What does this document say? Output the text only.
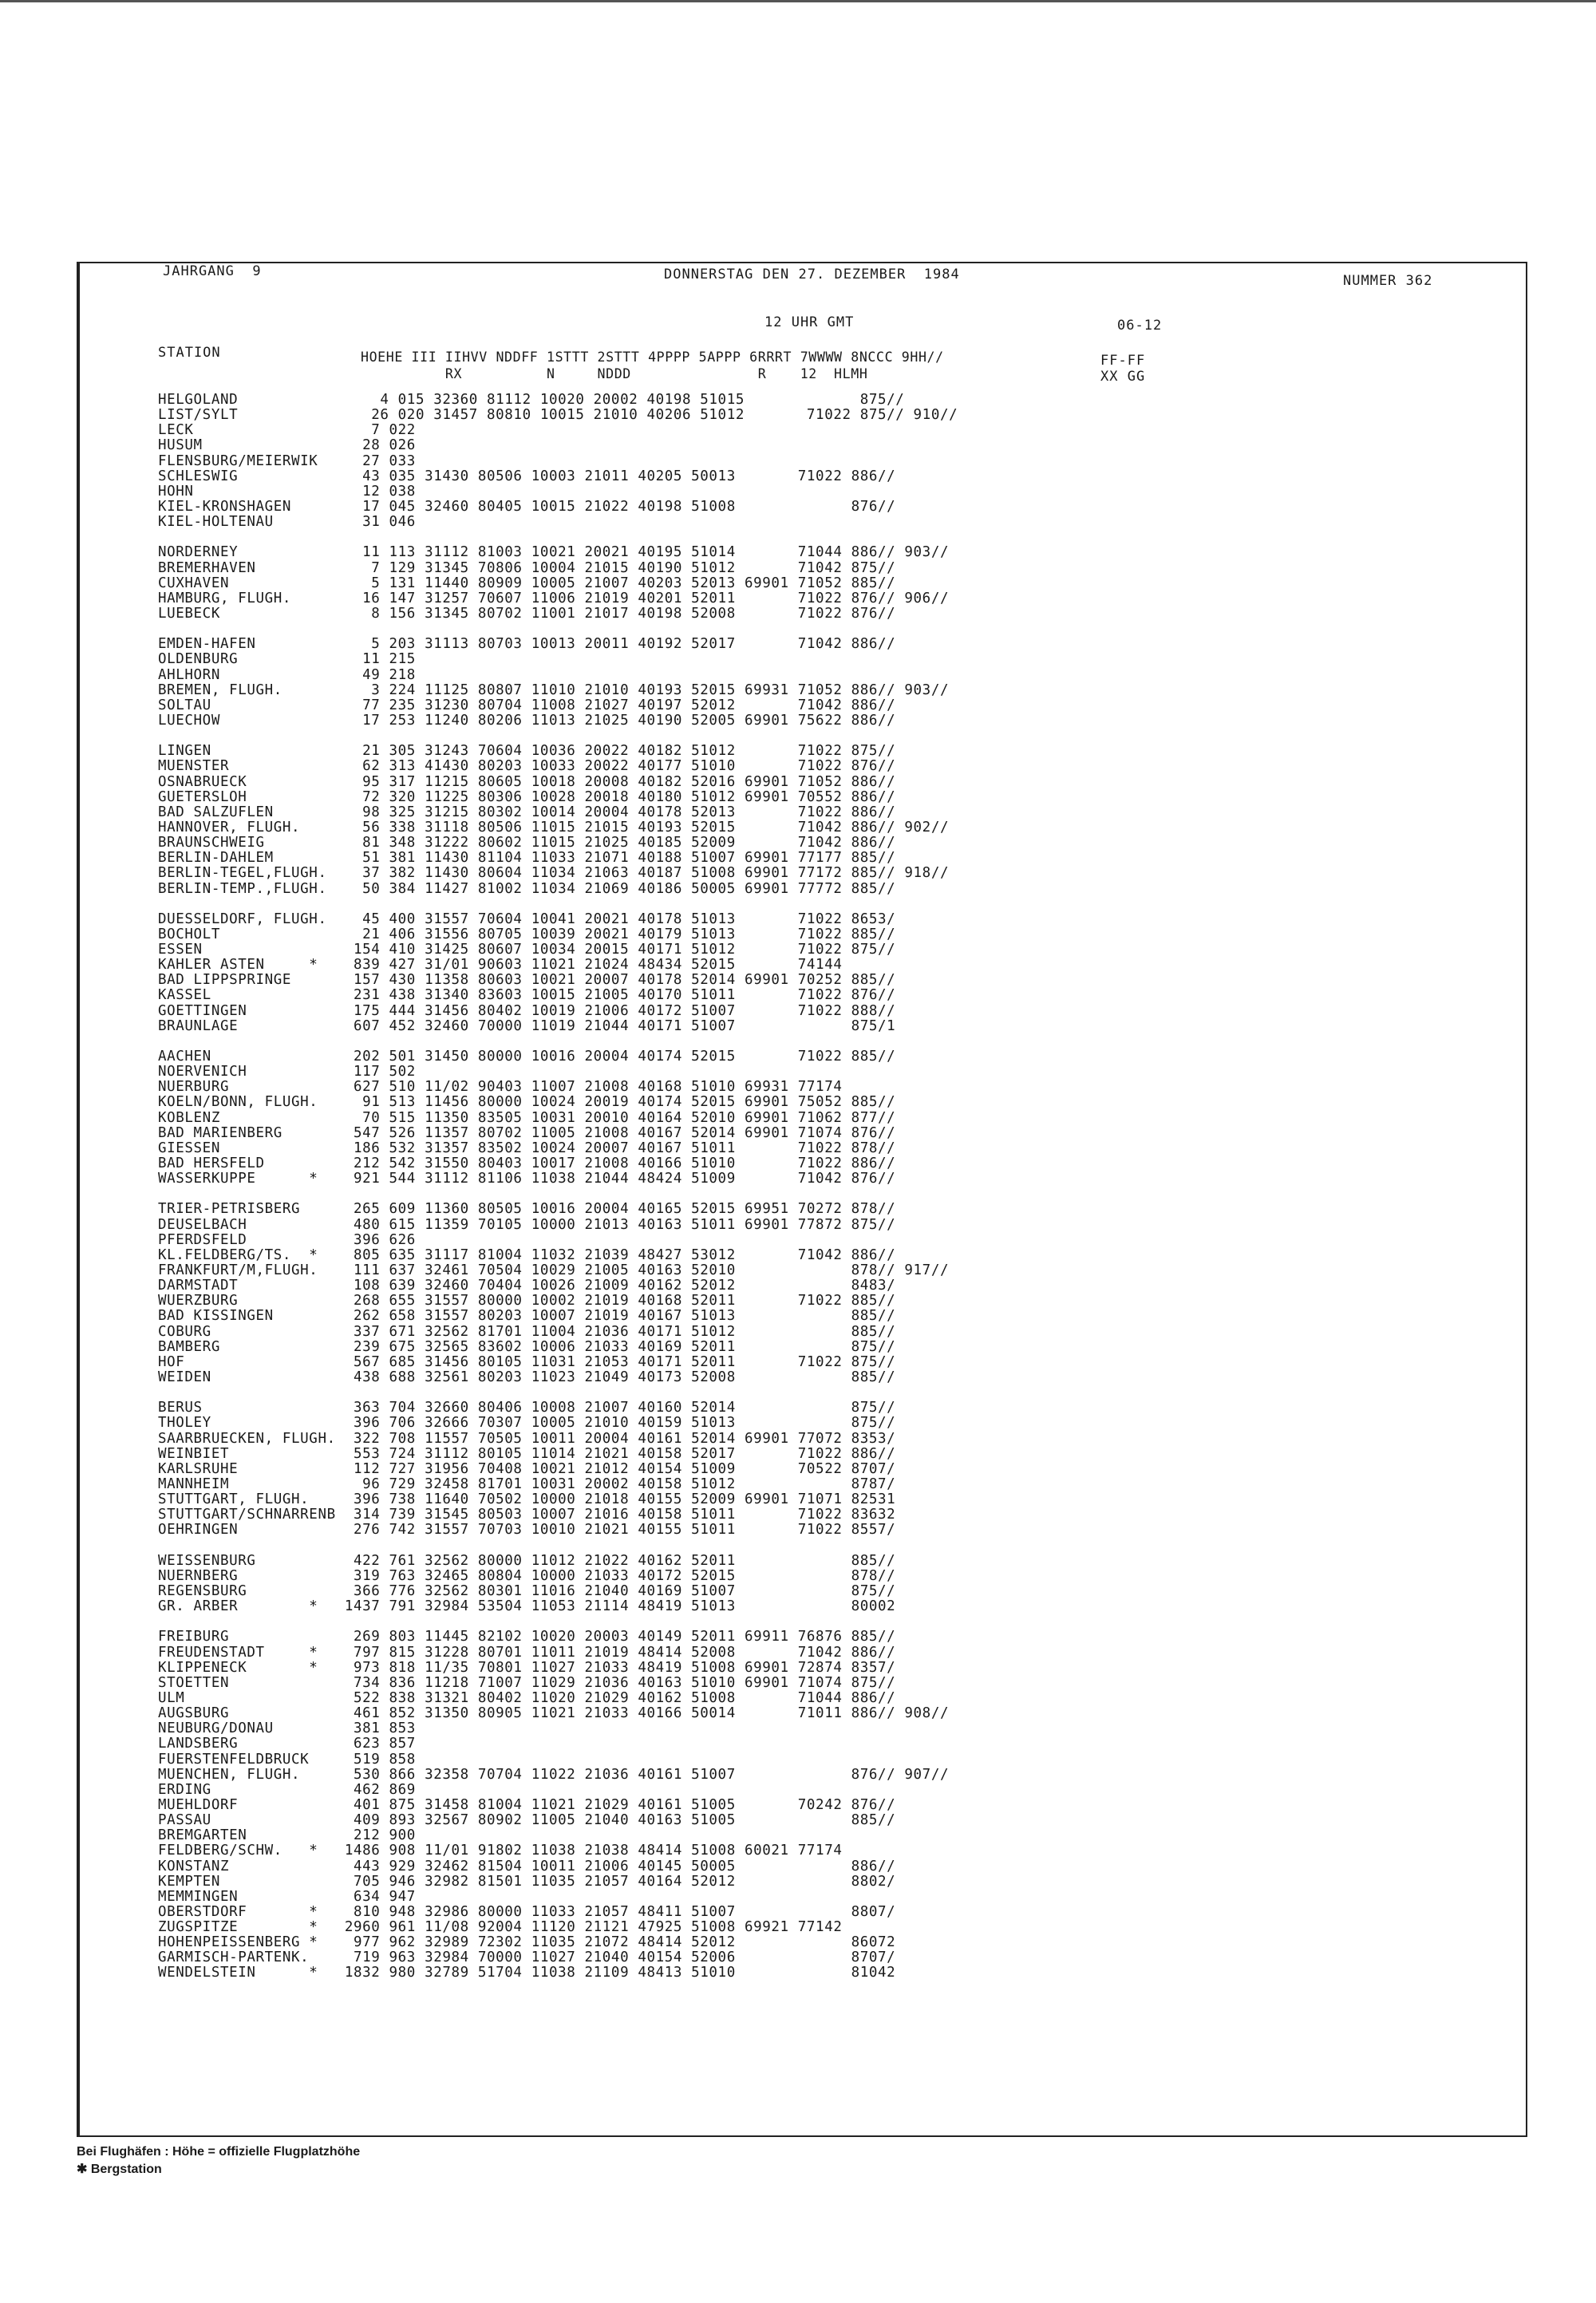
JAHRGANG  9	DONNERSTAG DEN 27. DEZEMBER  1984	NUMMER 362
12 UHR GMT	06-12
STATION	HOEHE III IIHVV NDDFF 1STTT 2STTT 4PPPP 5APPP 6RRRT 7WWWW 8NCCC 9HH//
RX          N     NDDD               R    12  HLMH
FF-FF
XX GG
HELGOLAND                4 015 32360 81112 10020 20002 40198 51015             875//
LIST/SYLT               26 020 31457 80810 10015 21010 40206 51012       71022 875// 910//
LECK                    7 022
HUSUM                  28 026
FLENSBURG/MEIERWIK     27 033
SCHLESWIG              43 035 31430 80506 10003 21011 40205 50013       71022 886//
HOHN                   12 038
KIEL-KRONSHAGEN        17 045 32460 80405 10015 21022 40198 51008             876//
KIEL-HOLTENAU          31 046
NORDERNEY              11 113 31112 81003 10021 20021 40195 51014       71044 886// 903//
BREMERHAVEN             7 129 31345 70806 10004 21015 40190 51012       71042 875//
CUXHAVEN                5 131 11440 80909 10005 21007 40203 52013 69901 71052 885//
HAMBURG, FLUGH.        16 147 31257 70607 11006 21019 40201 52011       71022 876// 906//
LUEBECK                 8 156 31345 80702 11001 21017 40198 52008       71022 876//
EMDEN-HAFEN             5 203 31113 80703 10013 20011 40192 52017       71042 886//
OLDENBURG              11 215
AHLHORN                49 218
BREMEN, FLUGH.          3 224 11125 80807 11010 21010 40193 52015 69931 71052 886// 903//
SOLTAU                 77 235 31230 80704 11008 21027 40197 52012       71042 886//
LUECHOW                17 253 11240 80206 11013 21025 40190 52005 69901 75622 886//
LINGEN                 21 305 31243 70604 10036 20022 40182 51012       71022 875//
MUENSTER               62 313 41430 80203 10033 20022 40177 51010       71022 876//
OSNABRUECK             95 317 11215 80605 10018 20008 40182 52016 69901 71052 886//
GUETERSLOH             72 320 11225 80306 10028 20018 40180 51012 69901 70552 886//
BAD SALZUFLEN          98 325 31215 80302 10014 20004 40178 52013       71022 886//
HANNOVER, FLUGH.       56 338 31118 80506 11015 21015 40193 52015       71042 886// 902//
BRAUNSCHWEIG           81 348 31222 80602 11015 21025 40185 52009       71042 886//
BERLIN-DAHLEM          51 381 11430 81104 11033 21071 40188 51007 69901 77177 885//
BERLIN-TEGEL,FLUGH.    37 382 11430 80604 11034 21063 40187 51008 69901 77172 885// 918//
BERLIN-TEMP.,FLUGH.    50 384 11427 81002 11034 21069 40186 50005 69901 77772 885//
DUESSELDORF, FLUGH.    45 400 31557 70604 10041 20021 40178 51013       71022 8653/
BOCHOLT                21 406 31556 80705 10039 20021 40179 51013       71022 885//
ESSEN                 154 410 31425 80607 10034 20015 40171 51012       71022 875//
KAHLER ASTEN     *    839 427 31/01 90603 11021 21024 48434 52015       74144
BAD LIPPSPRINGE       157 430 11358 80603 10021 20007 40178 52014 69901 70252 885//
KASSEL                231 438 31340 83603 10015 21005 40170 51011       71022 876//
GOETTINGEN            175 444 31456 80402 10019 21006 40172 51007       71022 888//
BRAUNLAGE             607 452 32460 70000 11019 21044 40171 51007             875/1
AACHEN                202 501 31450 80000 10016 20004 40174 52015       71022 885//
NOERVENICH            117 502
NUERBURG              627 510 11/02 90403 11007 21008 40168 51010 69931 77174
KOELN/BONN, FLUGH.     91 513 11456 80000 10024 20019 40174 52015 69901 75052 885//
KOBLENZ                70 515 11350 83505 10031 20010 40164 52010 69901 71062 877//
BAD MARIENBERG        547 526 11357 80702 11005 21008 40167 52014 69901 71074 876//
GIESSEN               186 532 31357 83502 10024 20007 40167 51011       71022 878//
BAD HERSFELD          212 542 31550 80403 10017 21008 40166 51010       71022 886//
WASSERKUPPE      *    921 544 31112 81106 11038 21044 48424 51009       71042 876//
TRIER-PETRISBERG      265 609 11360 80505 10016 20004 40165 52015 69951 70272 878//
DEUSELBACH            480 615 11359 70105 10000 21013 40163 51011 69901 77872 875//
PFERDSFELD            396 626
KL.FELDBERG/TS.  *    805 635 31117 81004 11032 21039 48427 53012       71042 886//
FRANKFURT/M,FLUGH.    111 637 32461 70504 10029 21005 40163 52010             878// 917//
DARMSTADT             108 639 32460 70404 10026 21009 40162 52012             8483/
WUERZBURG             268 655 31557 80000 10002 21019 40168 52011       71022 885//
BAD KISSINGEN         262 658 31557 80203 10007 21019 40167 51013             885//
COBURG                337 671 32562 81701 11004 21036 40171 51012             885//
BAMBERG               239 675 32565 83602 10006 21033 40169 52011             875//
HOF                   567 685 31456 80105 11031 21053 40171 52011       71022 875//
WEIDEN                438 688 32561 80203 11023 21049 40173 52008             885//
BERUS                 363 704 32660 80406 10008 21007 40160 52014             875//
THOLEY                396 706 32666 70307 10005 21010 40159 51013             875//
SAARBRUECKEN, FLUGH.  322 708 11557 70505 10011 20004 40161 52014 69901 77072 8353/
WEINBIET              553 724 31112 80105 11014 21021 40158 52017       71022 886//
KARLSRUHE             112 727 31956 70408 10021 21012 40154 51009       70522 8707/
MANNHEIM               96 729 32458 81701 10031 20002 40158 51012             8787/
STUTTGART, FLUGH.     396 738 11640 70502 10000 21018 40155 52009 69901 71071 82531
STUTTGART/SCHNARRENB  314 739 31545 80503 10007 21016 40158 51011       71022 83632
OEHRINGEN             276 742 31557 70703 10010 21021 40155 51011       71022 8557/
WEISSENBURG           422 761 32562 80000 11012 21022 40162 52011             885//
NUERNBERG             319 763 32465 80804 10000 21033 40172 52015             878//
REGENSBURG            366 776 32562 80301 11016 21040 40169 51007             875//
GR. ARBER        *   1437 791 32984 53504 11053 21114 48419 51013             80002
FREIBURG              269 803 11445 82102 10020 20003 40149 52011 69911 76876 885//
FREUDENSTADT     *    797 815 31228 80701 11011 21019 48414 52008       71042 886//
KLIPPENECK       *    973 818 11/35 70801 11027 21033 48419 51008 69901 72874 8357/
STOETTEN              734 836 11218 71007 11029 21036 40163 51010 69901 71074 875//
ULM                   522 838 31321 80402 11020 21029 40162 51008       71044 886//
AUGSBURG              461 852 31350 80905 11021 21033 40166 50014       71011 886// 908//
NEUBURG/DONAU         381 853
LANDSBERG             623 857
FUERSTENFELDBRUCK     519 858
MUENCHEN, FLUGH.      530 866 32358 70704 11022 21036 40161 51007             876// 907//
ERDING                462 869
MUEHLDORF             401 875 31458 81004 11021 21029 40161 51005       70242 876//
PASSAU                409 893 32567 80902 11005 21040 40163 51005             885//
BREMGARTEN            212 900
FELDBERG/SCHW.   *   1486 908 11/01 91802 11038 21038 48414 51008 60021 77174
KONSTANZ              443 929 32462 81504 10011 21006 40145 50005             886//
KEMPTEN               705 946 32982 81501 11035 21057 40164 52012             8802/
MEMMINGEN             634 947
OBERSTDORF       *    810 948 32986 80000 11033 21057 48411 51007             8807/
ZUGSPITZE        *   2960 961 11/08 92004 11120 21121 47925 51008 69921 77142
HOHENPEISSENBERG *    977 962 32989 72302 11035 21072 48414 52012             86072
GARMISCH-PARTENK.     719 963 32984 70000 11027 21040 40154 52006             8707/
WENDELSTEIN      *   1832 980 32789 51704 11038 21109 48413 51010             81042
Bei Flughäfen : Höhe = offizielle Flugplatzhöhe
✱ Bergstation
